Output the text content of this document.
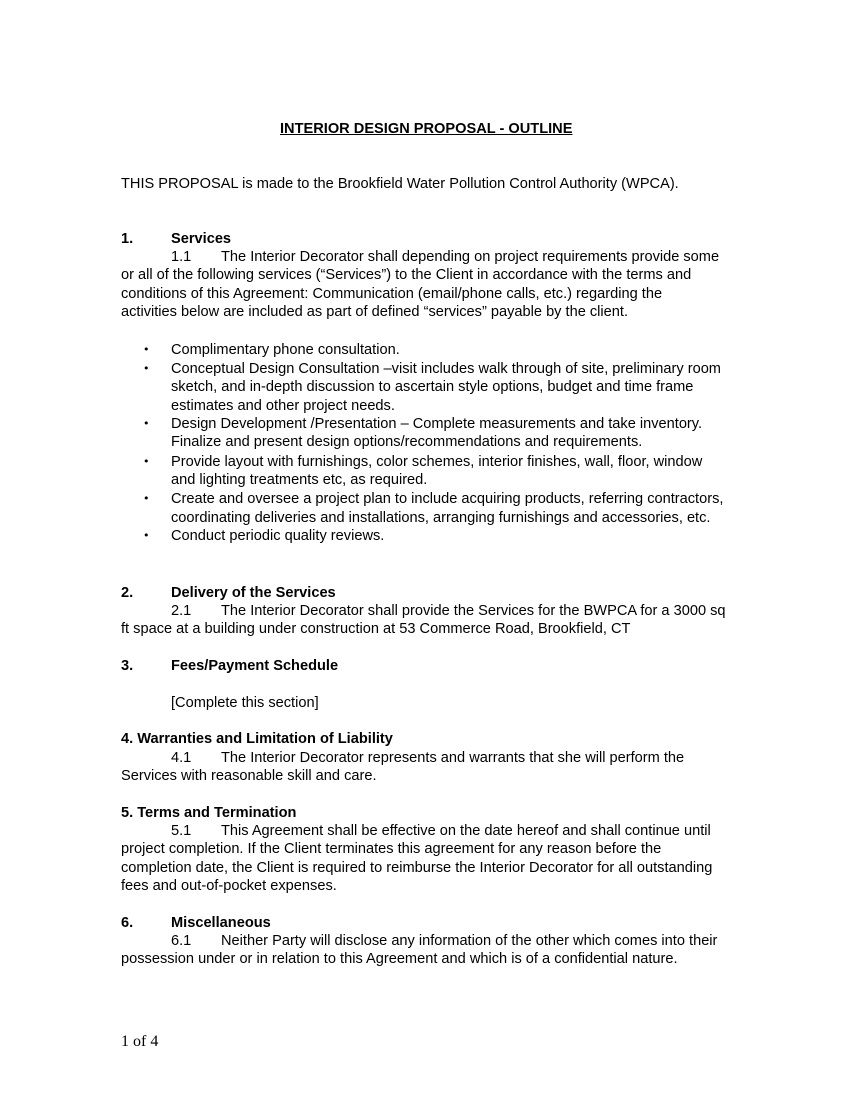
INTERIOR DESIGN PROPOSAL - OUTLINE
THIS PROPOSAL is made to the Brookfield Water Pollution Control Authority (WPCA).
1.	Services
1.1 The Interior Decorator shall depending on project requirements provide some
or all of the following services (“Services”) to the Client in accordance with the terms and
conditions of this Agreement: Communication (email/phone calls, etc.) regarding the
activities below are included as part of defined “services” payable by the client.
• Complimentary phone consultation.
• Conceptual Design Consultation –visit includes walk through of site, preliminary room
sketch, and in-depth discussion to ascertain style options, budget and time frame
estimates and other project needs.
• Design Development /Presentation – Complete measurements and take inventory.
Finalize and present design options/recommendations and requirements.
• Provide layout with furnishings, color schemes, interior finishes, wall, floor, window
and lighting treatments etc, as required.
• Create and oversee a project plan to include acquiring products, referring contractors,
coordinating deliveries and installations, arranging furnishings and accessories, etc.
• Conduct periodic quality reviews.
2.	Delivery of the Services
2.1 The Interior Decorator shall provide the Services for the BWPCA for a 3000 sq
ft space at a building under construction at 53 Commerce Road, Brookfield, CT
3.	Fees/Payment Schedule
[Complete this section]
4. Warranties and Limitation of Liability
4.1 The Interior Decorator represents and warrants that she will perform the
Services with reasonable skill and care.
5. Terms and Termination
5.1 This Agreement shall be effective on the date hereof and shall continue until
project completion. If the Client terminates this agreement for any reason before the
completion date, the Client is required to reimburse the Interior Decorator for all outstanding
fees and out-of-pocket expenses.
6.	Miscellaneous
6.1 Neither Party will disclose any information of the other which comes into their
possession under or in relation to this Agreement and which is of a confidential nature.
1 of 4
